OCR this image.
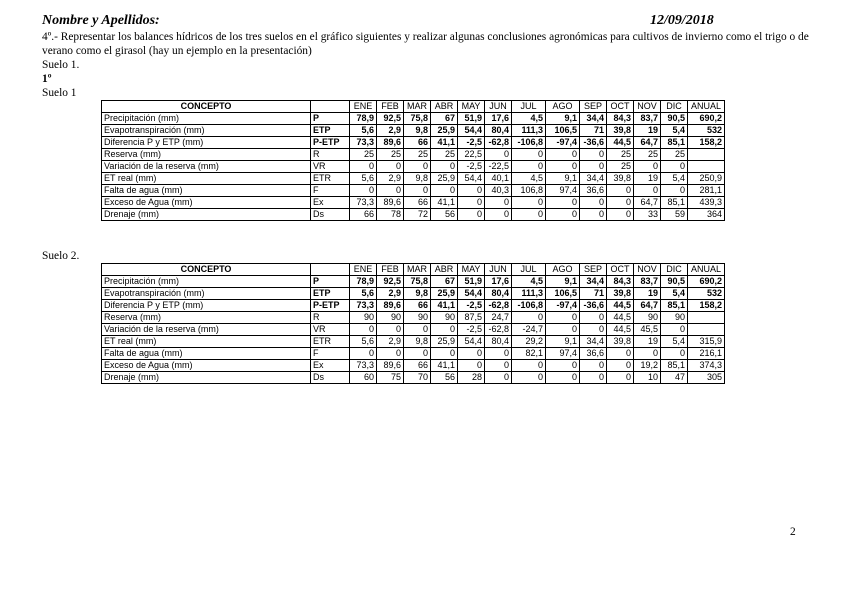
Nombre y Apellidos:	12/09/2018
4º.- Representar los balances hídricos de los tres suelos en el gráfico siguientes y realizar algunas conclusiones agronómicas para cultivos de invierno como el trigo o de verano como el girasol (hay un ejemplo en la presentación)
Suelo 1.
1º
Suelo 1
CONCEPTO		ENE	FEB	MAR	ABR	MAY	JUN	JUL	AGO	SEP	OCT	NOV	DIC	ANUAL
Precipitación (mm)	P	78,9	92,5	75,8	67	51,9	17,6	4,5	9,1	34,4	84,3	83,7	90,5	690,2
Evapotranspiración (mm)	ETP	5,6	2,9	9,8	25,9	54,4	80,4	111,3	106,5	71	39,8	19	5,4	532
Diferencia P y ETP (mm)	P-ETP	73,3	89,6	66	41,1	-2,5	-62,8	-106,8	-97,4	-36,6	44,5	64,7	85,1	158,2
Reserva (mm)	R	25	25	25	25	22,5	0	0	0	0	25	25	25	
Variación de la reserva (mm)	VR	0	0	0	0	-2,5	-22,5	0	0	0	25	0	0	
ET real (mm)	ETR	5,6	2,9	9,8	25,9	54,4	40,1	4,5	9,1	34,4	39,8	19	5,4	250,9
Falta de agua (mm)	F	0	0	0	0	0	40,3	106,8	97,4	36,6	0	0	0	281,1
Exceso de Agua (mm)	Ex	73,3	89,6	66	41,1	0	0	0	0	0	0	64,7	85,1	439,3
Drenaje (mm)	Ds	66	78	72	56	0	0	0	0	0	0	33	59	364
Suelo 2.
CONCEPTO		ENE	FEB	MAR	ABR	MAY	JUN	JUL	AGO	SEP	OCT	NOV	DIC	ANUAL
Precipitación (mm)	P	78,9	92,5	75,8	67	51,9	17,6	4,5	9,1	34,4	84,3	83,7	90,5	690,2
Evapotranspiración (mm)	ETP	5,6	2,9	9,8	25,9	54,4	80,4	111,3	106,5	71	39,8	19	5,4	532
Diferencia P y ETP (mm)	P-ETP	73,3	89,6	66	41,1	-2,5	-62,8	-106,8	-97,4	-36,6	44,5	64,7	85,1	158,2
Reserva (mm)	R	90	90	90	90	87,5	24,7	0	0	0	44,5	90	90	
Variación de la reserva (mm)	VR	0	0	0	0	-2,5	-62,8	-24,7	0	0	44,5	45,5	0	
ET real (mm)	ETR	5,6	2,9	9,8	25,9	54,4	80,4	29,2	9,1	34,4	39,8	19	5,4	315,9
Falta de agua (mm)	F	0	0	0	0	0	0	82,1	97,4	36,6	0	0	0	216,1
Exceso de Agua (mm)	Ex	73,3	89,6	66	41,1	0	0	0	0	0	0	19,2	85,1	374,3
Drenaje (mm)	Ds	60	75	70	56	28	0	0	0	0	0	10	47	305
2
